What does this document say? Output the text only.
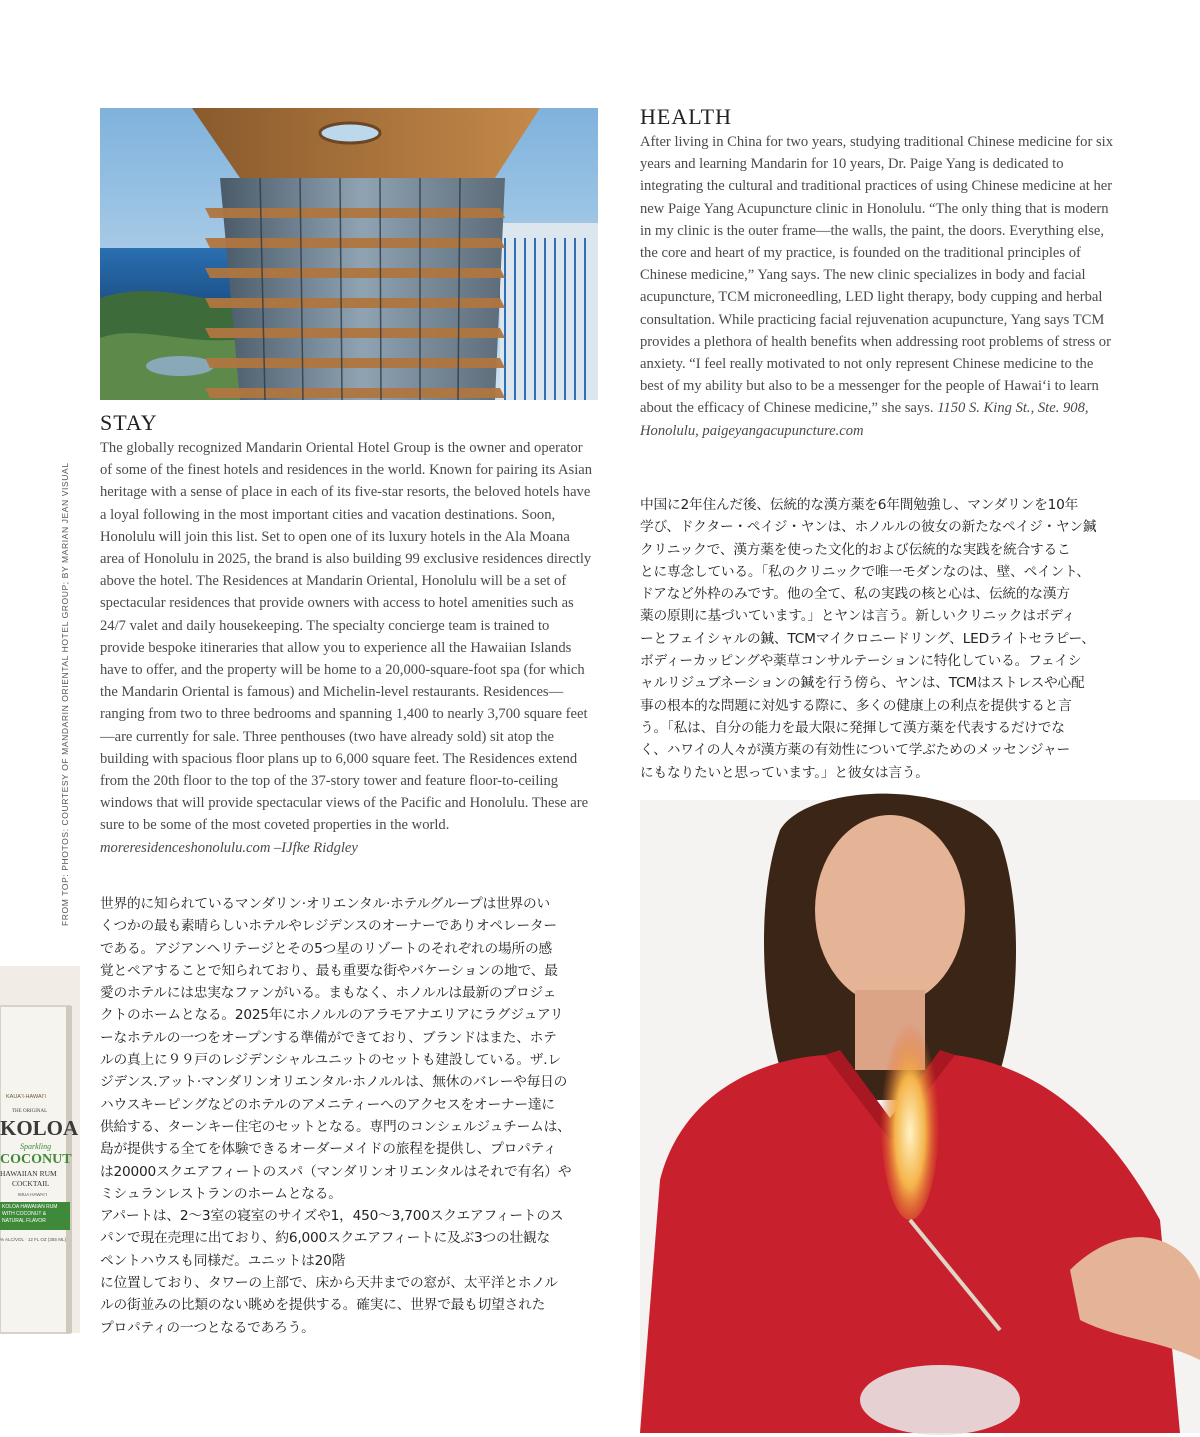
STAY

The globally recognized Mandarin Oriental Hotel Group is the owner and operator of some of the finest hotels and residences in the world. Known for pairing its Asian heritage with a sense of place in each of its five-star resorts, the beloved hotels have a loyal following in the most important cities and vacation destinations. Soon, Honolulu will join this list. Set to open one of its luxury hotels in the Ala Moana area of Honolulu in 2025, the brand is also building 99 exclusive residences directly above the hotel. The Residences at Mandarin Oriental, Honolulu will be a set of spectacular residences that provide owners with access to hotel amenities such as 24/7 valet and daily housekeeping. The specialty concierge team is trained to provide bespoke itineraries that allow you to experience all the Hawaiian Islands have to offer, and the property will be home to a 20,000-square-foot spa (for which the Mandarin Oriental is famous) and Michelin-level restaurants. Residences—ranging from two to three bedrooms and spanning 1,400 to nearly 3,700 square feet—are currently for sale. Three penthouses (two have already sold) sit atop the building with spacious floor plans up to 6,000 square feet. The Residences extend from the 20th floor to the top of the 37-story tower and feature floor-to-ceiling windows that will provide spectacular views of the Pacific and Honolulu. These are sure to be some of the most coveted properties in the world. moreresidenceshonolulu.com –IJfke Ridgley

世界的に知られているマンダリン·オリエンタル·ホテルグループは世界のい
くつかの最も素晴らしいホテルやレジデンスのオーナーでありオペレーター
である。アジアンヘリテージとその5つ星のリゾートのそれぞれの場所の感
覚とペアすることで知られており、最も重要な街やバケーションの地で、最
愛のホテルには忠実なファンがいる。まもなく、ホノルルは最新のプロジェ
クトのホームとなる。2025年にホノルルのアラモアナエリアにラグジュアリ
ーなホテルの一つをオープンする準備ができており、ブランドはまた、ホテ
ルの真上に９９戸のレジデンシャルユニットのセットも建設している。ザ.レ
ジデンス.アット·マンダリンオリエンタル·ホノルルは、無休のバレーや毎日の
ハウスキーピングなどのホテルのアメニティーへのアクセスをオーナー達に
供給する、ターンキー住宅のセットとなる。専門のコンシェルジュチームは、
島が提供する全てを体験できるオーダーメイドの旅程を提供し、プロパティ
は20000スクエアフィートのスパ（マンダリンオリエンタルはそれで有名）や
ミシュランレストランのホームとなる。
アパートは、2〜3室の寝室のサイズや1，450〜3,700スクエアフィートのス
パンで現在売理に出ており、約6,000スクエアフィートに及ぶ3つの壮観な
ペントハウスも同様だ。ユニットは20階
に位置しており、タワーの上部で、床から天井までの窓が、太平洋とホノル
ルの街並みの比類のない眺めを提供する。確実に、世界で最も切望された
プロパティの一つとなるであろう。
FROM TOP: PHOTOS: COURTESY OF MANDARIN ORIENTAL HOTEL GROUP; BY MARIAN JEAN VISUAL
KAUA‘I·HAWAI‘I
THE ORIGINAL
KOLOA
Sparkling
COCONUT
HAWAIIAN RUM
COCKTAIL
IMUA HAWAI‘I
KOLOA HAWAIIAN RUM WITH COCONUT & NATURAL FLAVOR
% ALC/VOL · 12 FL OZ (355 ML)
HEALTH

After living in China for two years, studying traditional Chinese medicine for six years and learning Mandarin for 10 years, Dr. Paige Yang is dedicated to integrating the cultural and traditional practices of using Chinese medicine at her new Paige Yang Acupuncture clinic in Honolulu. “The only thing that is modern in my clinic is the outer frame—the walls, the paint, the doors. Everything else, the core and heart of my practice, is founded on the traditional principles of Chinese medicine,” Yang says. The new clinic specializes in body and facial acupuncture, TCM microneedling, LED light therapy, body cupping and herbal consultation. While practicing facial rejuvenation acupuncture, Yang says TCM provides a plethora of health benefits when addressing root problems of stress or anxiety. “I feel really motivated to not only represent Chinese medicine to the best of my ability but also to be a messenger for the people of Hawai‘i to learn about the efficacy of Chinese medicine,” she says. 1150 S. King St., Ste. 908, Honolulu, paigeyangacupuncture.com

中国に2年住んだ後、伝統的な漢方薬を6年間勉強し、マンダリンを10年
学び、ドクター・ペイジ・ヤンは、ホノルルの彼女の新たなペイジ・ヤン鍼
クリニックで、漢方薬を使った文化的および伝統的な実践を統合するこ
とに専念している。「私のクリニックで唯一モダンなのは、壁、ペイント、
ドアなど外枠のみです。他の全て、私の実践の核と心は、伝統的な漢方
薬の原則に基づいています。」とヤンは言う。新しいクリニックはボディ
ーとフェイシャルの鍼、TCMマイクロニードリング、LEDライトセラピー、
ボディーカッピングや薬草コンサルテーションに特化している。フェイシ
ャルリジュブネーションの鍼を行う傍ら、ヤンは、TCMはストレスや心配
事の根本的な問題に対処する際に、多くの健康上の利点を提供すると言
う。「私は、自分の能力を最大限に発揮して漢方薬を代表するだけでな
く、ハワイの人々が漢方薬の有効性について学ぶためのメッセンジャー
にもなりたいと思っています。」と彼女は言う。
